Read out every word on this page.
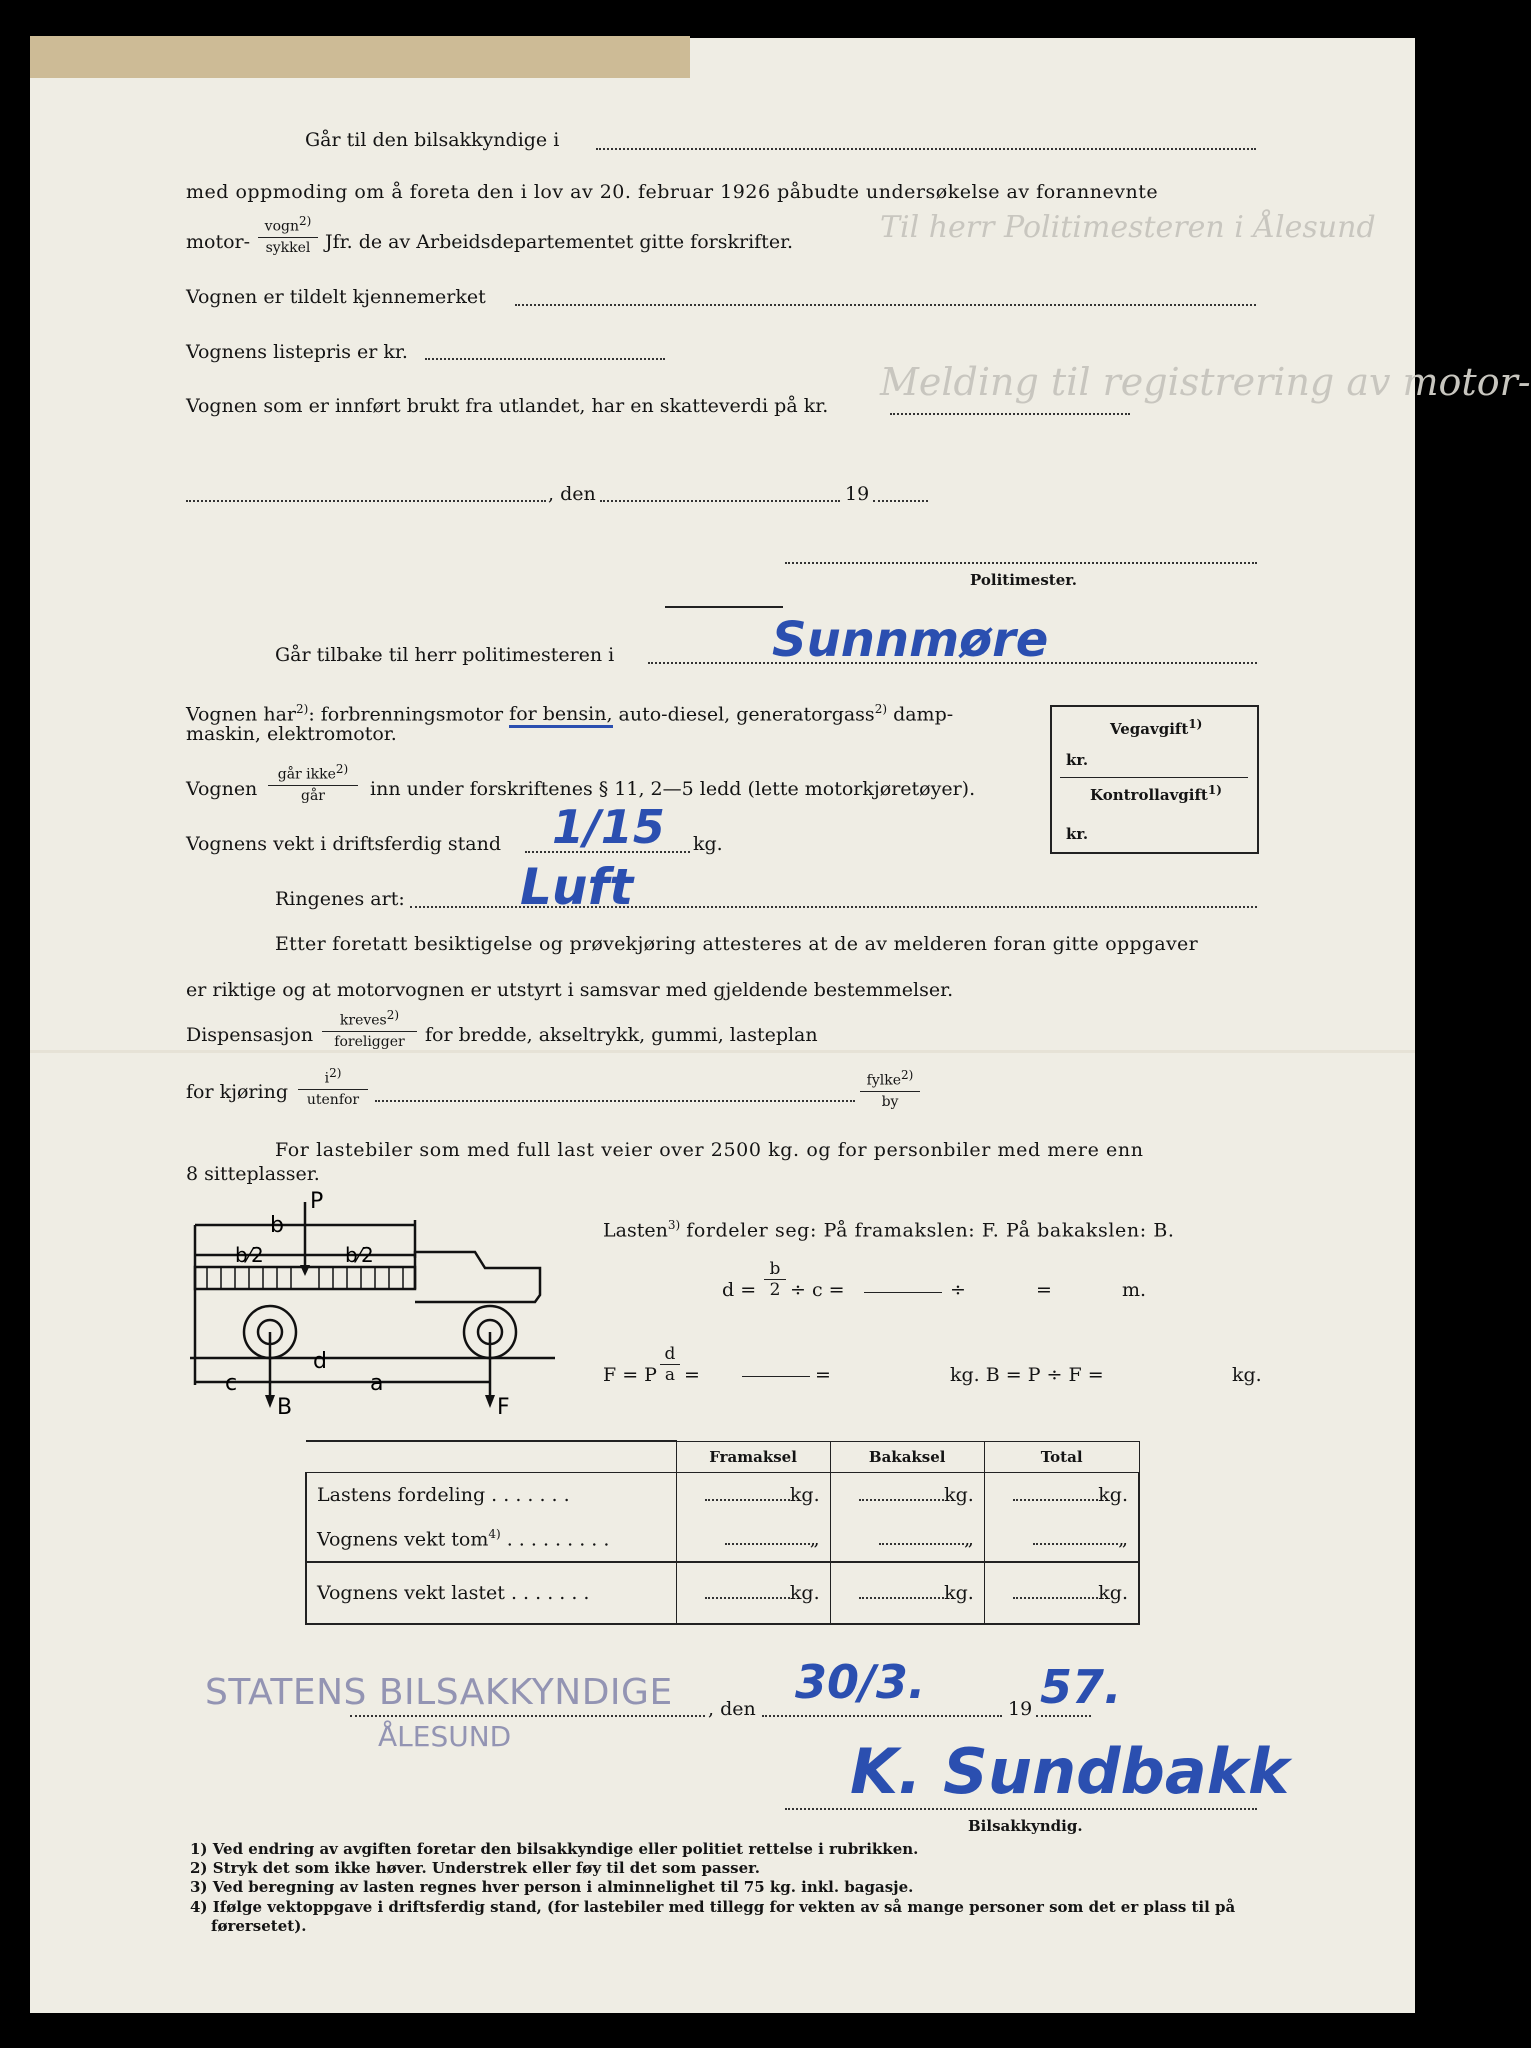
Til herr Politimesteren i Ålesund
Melding til registrering av motor-
Går til den bilsakkyndige i
med oppmoding om å foreta den i lov av 20. februar 1926 påbudte undersøkelse av forannevnte
motor-
vogn2)
sykkel Jfr. de av Arbeidsdepartementet gitte forskrifter.
Vognen er tildelt kjennemerket
Vognens listepris er kr.
Vognen som er innført brukt fra utlandet, har en skatteverdi på kr.
, den	19
Politimester.
Går tilbake til herr politimesteren i	Sunnmøre
Vognen har$^{2)}$: forbrenningsmotor for bensin, auto-diesel, generatorgass$^{2)}$ damp-
maskin, elektromotor.
Vognen
går ikke2)
går	inn under forskriftenes § 11, 2—5 ledd (lette motorkjøretøyer).
Vognens vekt i driftsferdig stand 1/15 kg.
Ringenes art: Luft
Vegavgift$^{1)}$
kr.
Kontrollavgift$^{1)}$
kr.
Etter foretatt besiktigelse og prøvekjøring attesteres at de av melderen foran gitte oppgaver
er riktige og at motorvognen er utstyrt i samsvar med gjeldende bestemmelser.
Dispensasjon
kreves2)
foreligger	for bredde, akseltrykk, gummi, lasteplan
for kjøring
i2)
utenfor
fylke2)
by
For lastebiler som med full last veier over 2500 kg. og for personbiler med mere enn
8 sitteplasser.
P
b
b⁄2	b⁄2
c
d
a
B	F
Lasten$^{3)}$ fordeler seg: På framakslen: F. På bakakslen: B.
d =
b
2 ÷ c =	÷	=	m.
F = P
d
a =	=	kg. B = P ÷ F =	kg.
	Framaksel	Bakaksel	Total
Lastens fordeling . . . . . . .	kg.	kg.	kg.
Vognens vekt tom$^{4)}$ . . . . . . . . .	„	„	„
Vognens vekt lastet . . . . . . .	kg.	kg.	kg.
STATENS BILSAKKYNDIGE
ÅLESUND
, den 30/3.	19 57.
K. Sundbakk
Bilsakkyndig.
1) Ved endring av avgiften foretar den bilsakkyndige eller politiet rettelse i rubrikken.
2) Stryk det som ikke høver. Understrek eller føy til det som passer.
3) Ved beregning av lasten regnes hver person i alminnelighet til 75 kg. inkl. bagasje.
4) Ifølge vektoppgave i driftsferdig stand, (for lastebiler med tillegg for vekten av så mange personer som det er plass til på
førersetet).
